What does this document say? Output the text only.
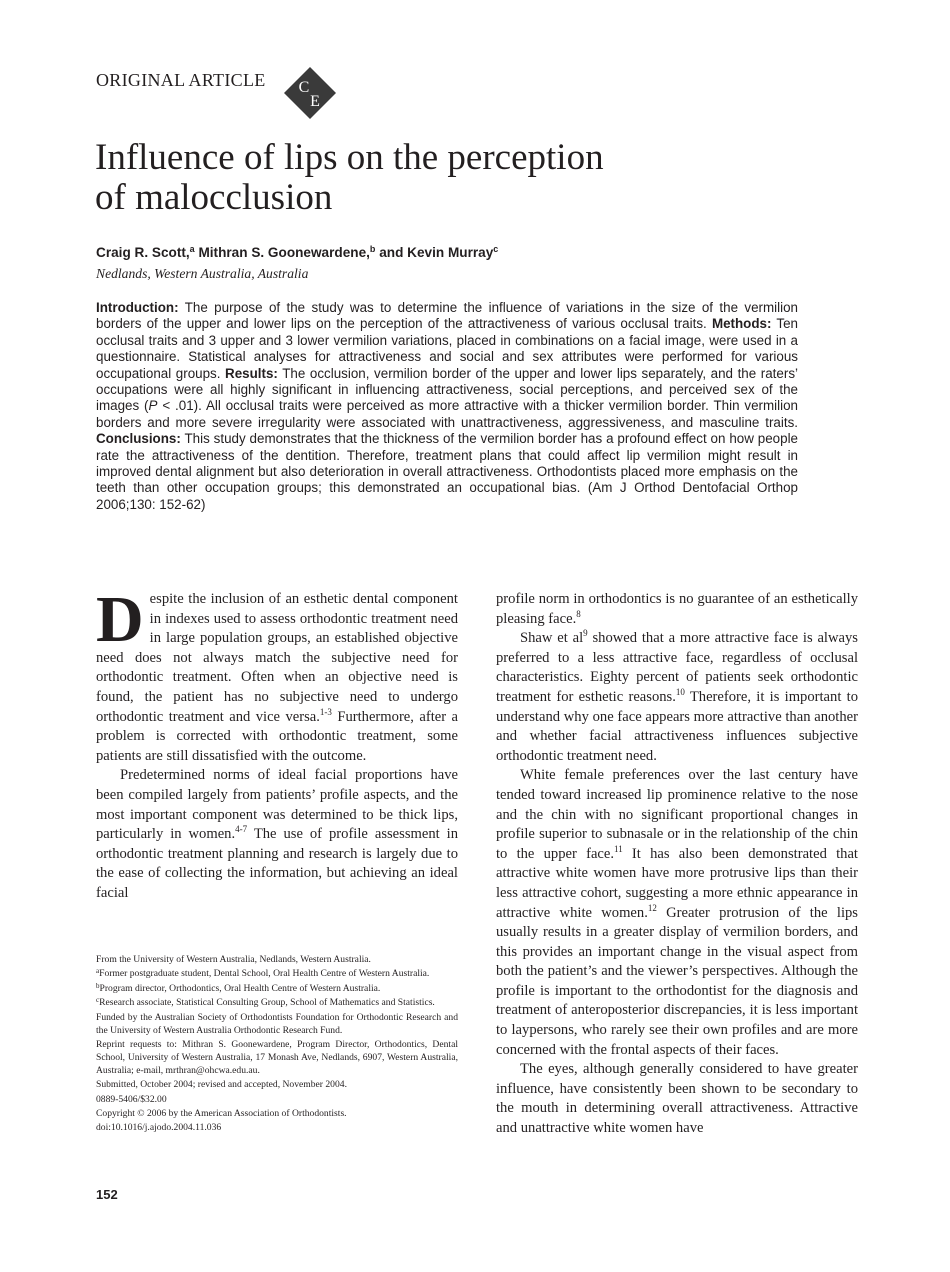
ORIGINAL ARTICLE C
E
Influence of lips on the perception
of malocclusion
Craig R. Scott,$^a$ Mithran S. Goonewardene,$^b$ and Kevin Murray$^c$
Nedlands, Western Australia, Australia

Introduction: The purpose of the study was to determine the influence of variations in the size of the vermilion borders of the upper and lower lips on the perception of the attractiveness of various occlusal traits. Methods: Ten occlusal traits and 3 upper and 3 lower vermilion variations, placed in combinations on a facial image, were used in a questionnaire. Statistical analyses for attractiveness and social and sex attributes were performed for various occupational groups. Results: The occlusion, vermilion border of the upper and lower lips separately, and the raters’ occupations were all highly significant in influencing attractiveness, social perceptions, and perceived sex of the images (P < .01). All occlusal traits were perceived as more attractive with a thicker vermilion border. Thin vermilion borders and more severe irregularity were associated with unattractiveness, aggressiveness, and masculine traits. Conclusions: This study demonstrates that the thickness of the vermilion border has a profound effect on how people rate the attractiveness of the dentition. Therefore, treatment plans that could affect lip vermilion might result in improved dental alignment but also deterioration in overall attractiveness. Orthodontists placed more emphasis on the teeth than other occupation groups; this demonstrated an occupational bias. (Am J Orthod Dentofacial Orthop 2006;130: 152-62)

Despite the inclusion of an esthetic dental component in indexes used to assess orthodontic treatment need in large population groups, an established objective need does not always match the subjective need for orthodontic treatment. Often when an objective need is found, the patient has no subjective need to undergo orthodontic treatment and vice versa.$^{1-3}$ Furthermore, after a problem is corrected with orthodontic treatment, some patients are still dissatisfied with the outcome.

Predetermined norms of ideal facial proportions have been compiled largely from patients’ profile aspects, and the most important component was determined to be thick lips, particularly in women.$^{4-7}$ The use of profile assessment in orthodontic treatment planning and research is largely due to the ease of collecting the information, but achieving an ideal facial

profile norm in orthodontics is no guarantee of an esthetically pleasing face.$^8$

Shaw et $al^9$ showed that a more attractive face is always preferred to a less attractive face, regardless of occlusal characteristics. Eighty percent of patients seek orthodontic treatment for esthetic reasons.$^{10}$ Therefore, it is important to understand why one face appears more attractive than another and whether facial attractiveness influences subjective orthodontic treatment need.

White female preferences over the last century have tended toward increased lip prominence relative to the nose and the chin with no significant proportional changes in profile superior to subnasale or in the relationship of the chin to the upper face.$^{11}$ It has also been demonstrated that attractive white women have more protrusive lips than their less attractive cohort, suggesting a more ethnic appearance in attractive white women.$^{12}$ Greater protrusion of the lips usually results in a greater display of vermilion borders, and this provides an important change in the visual aspect from both the patient’s and the viewer’s perspectives. Although the profile is important to the orthodontist for the diagnosis and treatment of anteroposterior discrepancies, it is less important to laypersons, who rarely see their own profiles and are more concerned with the frontal aspects of their faces.

The eyes, although generally considered to have greater influence, have consistently been shown to be secondary to the mouth in determining overall attractiveness. Attractive and unattractive white women have

From the University of Western Australia, Nedlands, Western Australia.

$^a$Former postgraduate student, Dental School, Oral Health Centre of Western Australia.

$^b$Program director, Orthodontics, Oral Health Centre of Western Australia.

$^c$Research associate, Statistical Consulting Group, School of Mathematics and Statistics.

Funded by the Australian Society of Orthodontists Foundation for Orthodontic Research and the University of Western Australia Orthodontic Research Fund.

Reprint requests to: Mithran S. Goonewardene, Program Director, Orthodontics, Dental School, University of Western Australia, 17 Monash Ave, Nedlands, 6907, Western Australia, Australia; e-mail, mrthran@ohcwa.edu.au.

Submitted, October 2004; revised and accepted, November 2004.

0889-5406/$32.00

Copyright © 2006 by the American Association of Orthodontists.

doi:10.1016/j.ajodo.2004.11.036

152
